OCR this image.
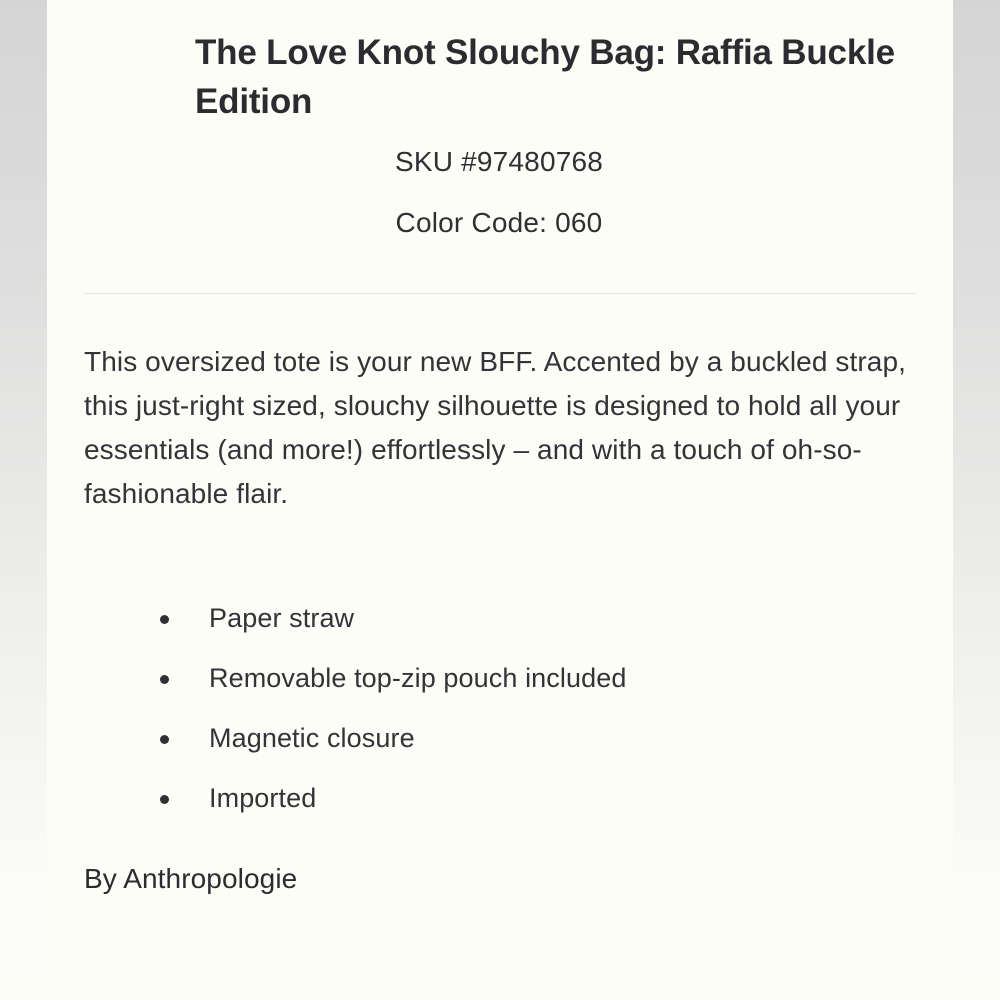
The Love Knot Slouchy Bag: Raffia Buckle Edition

SKU #97480768

Color Code: 060

This oversized tote is your new BFF. Accented by a buckled strap, this just-right sized, slouchy silhouette is designed to hold all your essentials (and more!) effortlessly – and with a touch of oh-so-fashionable flair.

Paper straw
Removable top-zip pouch included
Magnetic closure
Imported

By Anthropologie
